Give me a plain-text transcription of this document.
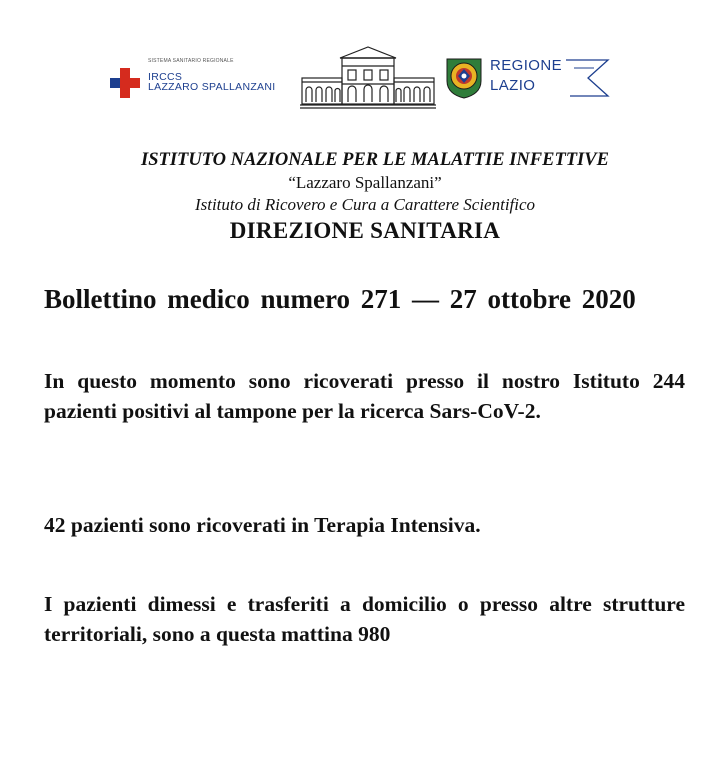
SISTEMA SANITARIO REGIONALE
IRCCS
LAZZARO SPALLANZANI
REGIONE
LAZIO
ISTITUTO NAZIONALE PER LE MALATTIE INFETTIVE
“Lazzaro Spallanzani”
Istituto di Ricovero e Cura a Carattere Scientifico
DIREZIONE SANITARIA
Bollettino medico numero 271 — 27 ottobre 2020
In questo momento sono ricoverati presso il nostro Istituto 244 pazienti positivi al tampone per la ricerca Sars-CoV-2.
42 pazienti sono ricoverati in Terapia Intensiva.
I pazienti dimessi e trasferiti a domicilio o presso altre strutture territoriali, sono a questa mattina 980
